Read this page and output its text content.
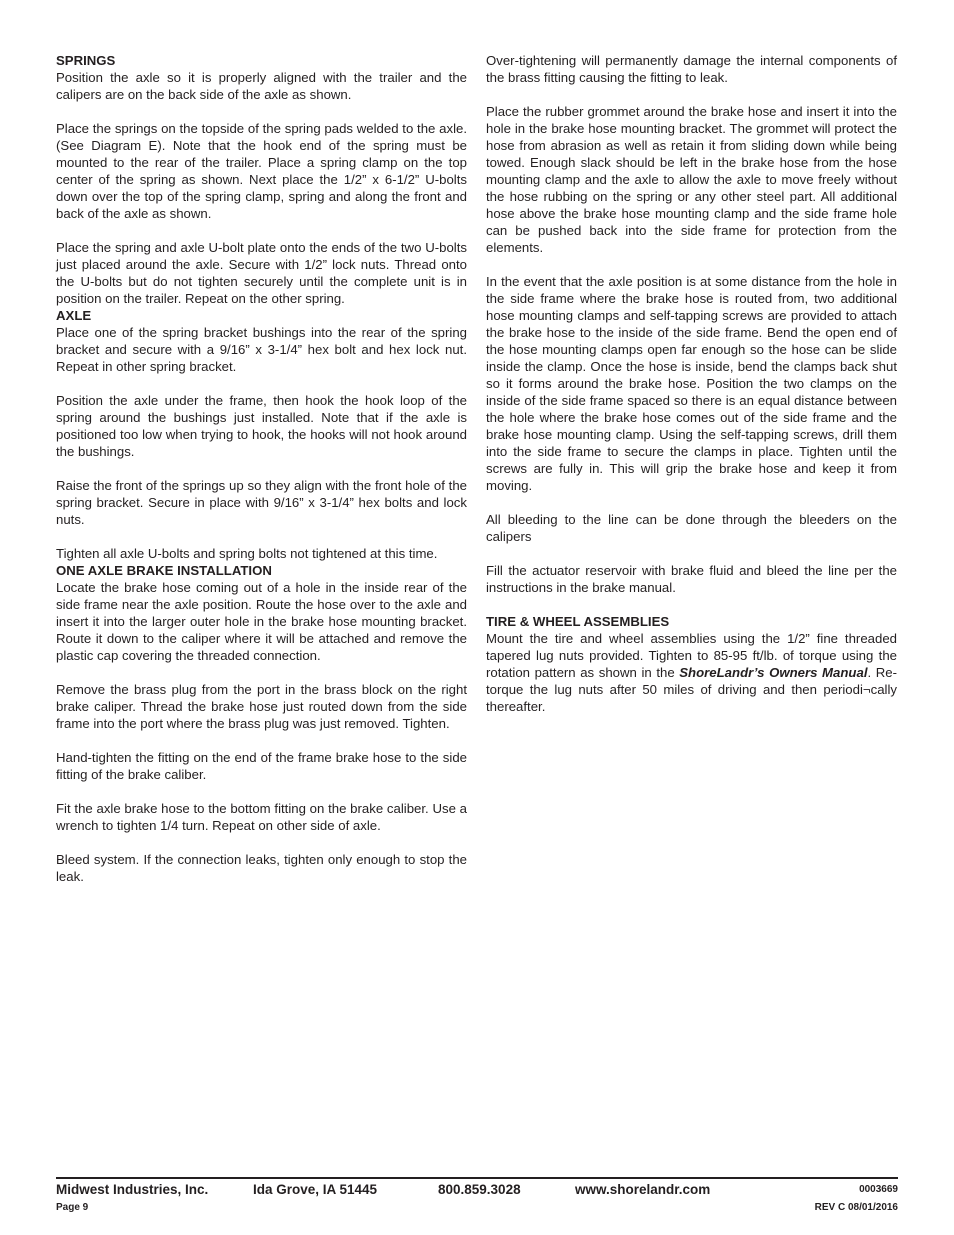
SPRINGS

Position the axle so it is properly aligned with the trailer and the calipers are on the back side of the axle as shown.

Place the springs on the topside of the spring pads welded to the axle. (See Diagram E). Note that the hook end of the spring must be mounted to the rear of the trailer. Place a spring clamp on the top center of the spring as shown. Next place the 1/2” x 6-1/2” U-bolts down over the top of the spring clamp, spring and along the front and back of the axle as shown.

Place the spring and axle U-bolt plate onto the ends of the two U-bolts just placed around the axle. Secure with 1/2” lock nuts. Thread onto the U-bolts but do not tighten securely until the complete unit is in position on the trailer. Repeat on the other spring.

AXLE

Place one of the spring bracket bushings into the rear of the spring bracket and secure with a 9/16” x 3-1/4” hex bolt and hex lock nut. Repeat in other spring bracket.

Position the axle under the frame, then hook the hook loop of the spring around the bushings just installed. Note that if the axle is positioned too low when trying to hook, the hooks will not hook around the bushings.

Raise the front of the springs up so they align with the front hole of the spring bracket. Secure in place with 9/16” x 3-1/4” hex bolts and lock nuts.

Tighten all axle U-bolts and spring bolts not tightened at this time.

ONE AXLE BRAKE INSTALLATION

Locate the brake hose coming out of a hole in the inside rear of the side frame near the axle position. Route the hose over to the axle and insert it into the larger outer hole in the brake hose mounting bracket. Route it down to the caliper where it will be attached and remove the plastic cap covering the threaded connection.

Remove the brass plug from the port in the brass block on the right brake caliper. Thread the brake hose just routed down from the side frame into the port where the brass plug was just removed. Tighten.

Hand-tighten the fitting on the end of the frame brake hose to the side fitting of the brake caliber.

Fit the axle brake hose to the bottom fitting on the brake caliber. Use a wrench to tighten 1/4 turn. Repeat on other side of axle.

Bleed system. If the connection leaks, tighten only enough to stop the leak.

Over-tightening will permanently damage the internal components of the brass fitting causing the fitting to leak.

Place the rubber grommet around the brake hose and insert it into the hole in the brake hose mounting bracket. The grommet will protect the hose from abrasion as well as retain it from sliding down while being towed. Enough slack should be left in the brake hose from the hose mounting clamp and the axle to allow the axle to move freely without the hose rubbing on the spring or any other steel part. All additional hose above the brake hose mounting clamp and the side frame hole can be pushed back into the side frame for protection from the elements.

In the event that the axle position is at some distance from the hole in the side frame where the brake hose is routed from, two additional hose mounting clamps and self-tapping screws are provided to attach the brake hose to the inside of the side frame. Bend the open end of the hose mounting clamps open far enough so the hose can be slide inside the clamp. Once the hose is inside, bend the clamps back shut so it forms around the brake hose. Position the two clamps on the inside of the side frame spaced so there is an equal distance between the hole where the brake hose comes out of the side frame and the brake hose mounting clamp. Using the self-tapping screws, drill them into the side frame to secure the clamps in place. Tighten until the screws are fully in. This will grip the brake hose and keep it from moving.

All bleeding to the line can be done through the bleeders on the calipers

Fill the actuator reservoir with brake fluid and bleed the line per the instructions in the brake manual.

TIRE & WHEEL ASSEMBLIES

Mount the tire and wheel assemblies using the 1/2” fine threaded tapered lug nuts provided. Tighten to 85-95 ft/lb. of torque using the rotation pattern as shown in the ShoreLandr’s Owners Manual. Re-torque the lug nuts after 50 miles of driving and then periodi¬cally thereafter.

Midwest Industries, Inc.	Ida Grove, IA 51445	800.859.3028	www.shorelandr.com	0003669
Page 9	REV C 08/01/2016
